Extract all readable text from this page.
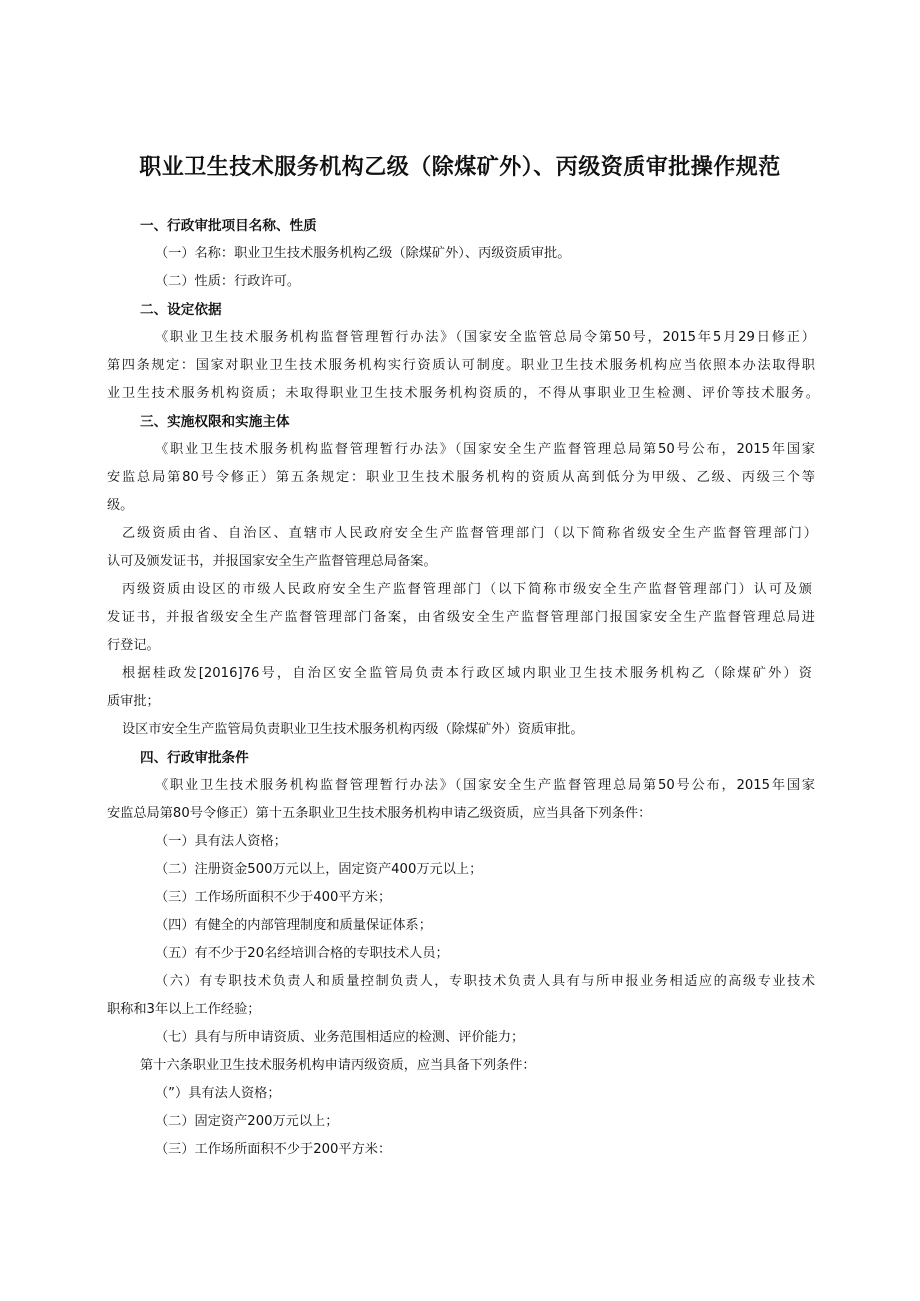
职业卫生技术服务机构乙级（除煤矿外）、丙级资质审批操作规范
一、行政审批项目名称、性质
（一）名称：职业卫生技术服务机构乙级（除煤矿外）、丙级资质审批。
（二）性质：行政许可。
二、设定依据
《职业卫生技术服务机构监督管理暂行办法》（国家安全监管总局令第50号，2015年5月29日修正）
第四条规定：国家对职业卫生技术服务机构实行资质认可制度。职业卫生技术服务机构应当依照本办法取得职
业卫生技术服务机构资质；未取得职业卫生技术服务机构资质的，不得从事职业卫生检测、评价等技术服务。
三、实施权限和实施主体
《职业卫生技术服务机构监督管理暂行办法》（国家安全生产监督管理总局第50号公布，2015年国家
安监总局第80号令修正）第五条规定：职业卫生技术服务机构的资质从高到低分为甲级、乙级、丙级三个等
级。
乙级资质由省、自治区、直辖市人民政府安全生产监督管理部门（以下简称省级安全生产监督管理部门）
认可及颁发证书，并报国家安全生产监督管理总局备案。
丙级资质由设区的市级人民政府安全生产监督管理部门（以下简称市级安全生产监督管理部门）认可及颁
发证书，并报省级安全生产监督管理部门备案，由省级安全生产监督管理部门报国家安全生产监督管理总局进
行登记。
根据桂政发[2016]76号，自治区安全监管局负责本行政区域内职业卫生技术服务机构乙（除煤矿外）资
质审批；
设区市安全生产监管局负责职业卫生技术服务机构丙级（除煤矿外）资质审批。
四、行政审批条件
《职业卫生技术服务机构监督管理暂行办法》（国家安全生产监督管理总局第50号公布，2015年国家
安监总局第80号令修正）第十五条职业卫生技术服务机构申请乙级资质，应当具备下列条件：
（一）具有法人资格；
（二）注册资金500万元以上，固定资产400万元以上；
（三）工作场所面积不少于400平方米；
（四）有健全的内部管理制度和质量保证体系；
（五）有不少于20名经培训合格的专职技术人员；
（六）有专职技术负责人和质量控制负责人，专职技术负责人具有与所申报业务相适应的高级专业技术
职称和3年以上工作经验；
（七）具有与所申请资质、业务范围相适应的检测、评价能力；
第十六条职业卫生技术服务机构申请丙级资质，应当具备下列条件：
（”）具有法人资格；
（二）固定资产200万元以上；
（三）工作场所面积不少于200平方米：
